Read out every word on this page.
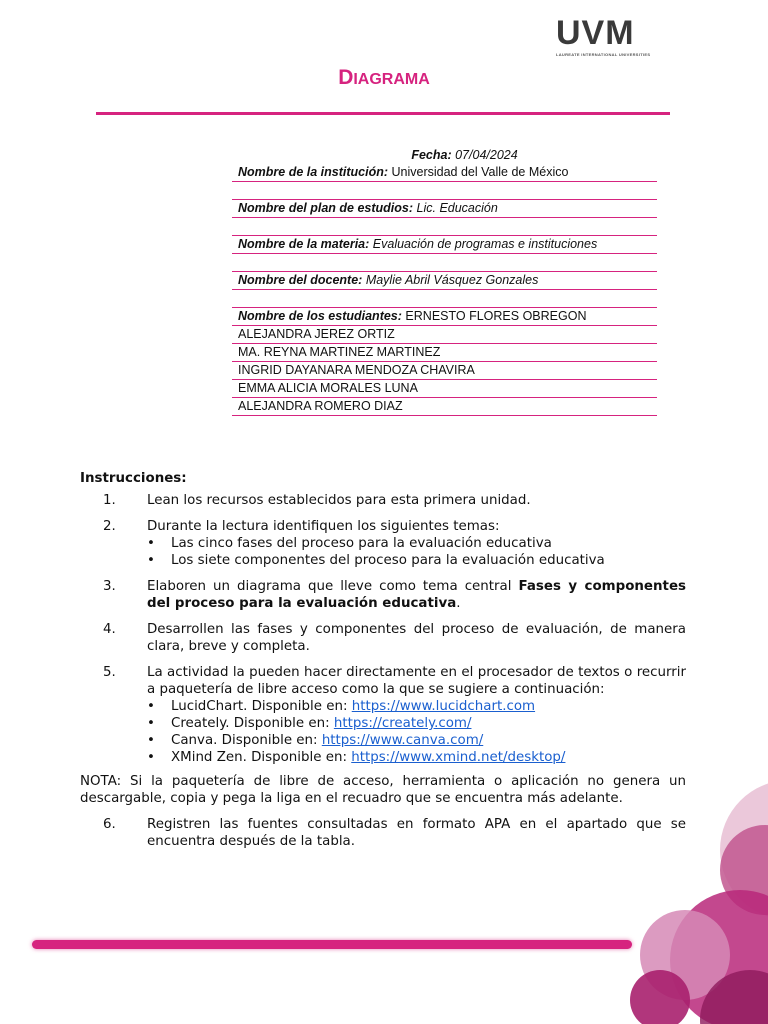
UVM
LAUREATE INTERNATIONAL UNIVERSITIES
DIAGRAMA
Fecha: 07/04/2024
Nombre de la institución: Universidad del Valle de México
Nombre del plan de estudios: Lic. Educación
Nombre de la materia: Evaluación de programas e instituciones
Nombre del docente: Maylie Abril Vásquez Gonzales
Nombre de los estudiantes: ERNESTO FLORES OBREGON
ALEJANDRA JEREZ ORTIZ
MA. REYNA MARTINEZ MARTINEZ
INGRID DAYANARA MENDOZA CHAVIRA
EMMA ALICIA MORALES LUNA
ALEJANDRA ROMERO DIAZ
Instrucciones:
1.	Lean los recursos establecidos para esta primera unidad.
2.	Durante la lectura identifiquen los siguientes temas:
•	Las cinco fases del proceso para la evaluación educativa
•	Los siete componentes del proceso para la evaluación educativa
3.	Elaboren un diagrama que lleve como tema central Fases y componentes del proceso para la evaluación educativa.
4.	Desarrollen las fases y componentes del proceso de evaluación, de manera clara, breve y completa.
5.	La actividad la pueden hacer directamente en el procesador de textos o recurrir a paquetería de libre acceso como la que se sugiere a continuación:
•	LucidChart. Disponible en: https://www.lucidchart.com
•	Creately. Disponible en: https://creately.com/
•	Canva. Disponible en: https://www.canva.com/
•	XMind Zen. Disponible en: https://www.xmind.net/desktop/
NOTA: Si la paquetería de libre de acceso, herramienta o aplicación no genera un descargable, copia y pega la liga en el recuadro que se encuentra más adelante.
6.	Registren las fuentes consultadas en formato APA en el apartado que se encuentra después de la tabla.
